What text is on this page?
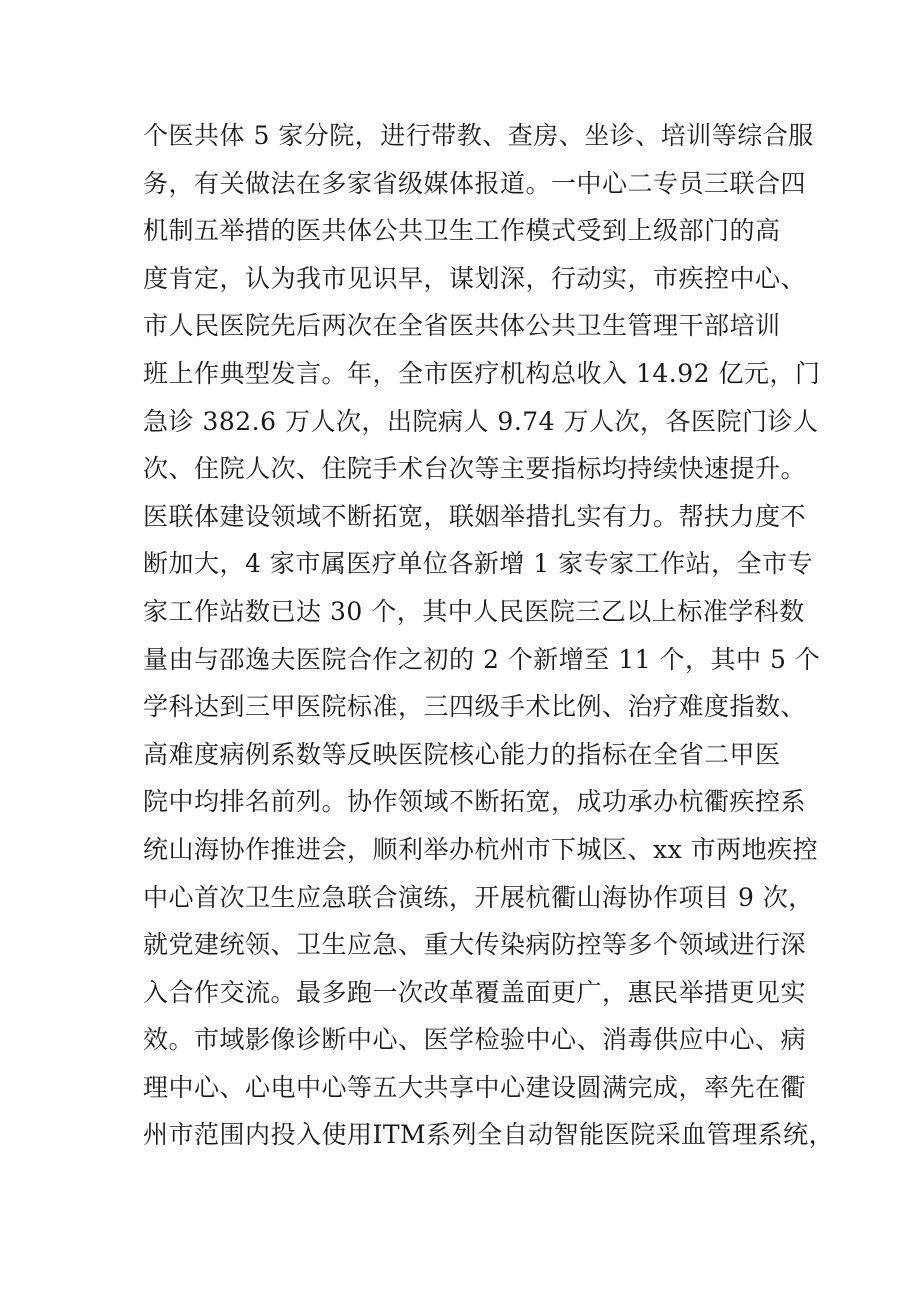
个医共体 5 家分院，进行带教、查房、坐诊、培训等综合服
务，有关做法在多家省级媒体报道。一中心二专员三联合四
机制五举措的医共体公共卫生工作模式受到上级部门的高
度肯定，认为我市见识早，谋划深，行动实，市疾控中心、
市人民医院先后两次在全省医共体公共卫生管理干部培训
班上作典型发言。年，全市医疗机构总收入 14.92 亿元，门
急诊 382.6 万人次，出院病人 9.74 万人次，各医院门诊人
次、住院人次、住院手术台次等主要指标均持续快速提升。
医联体建设领域不断拓宽，联姻举措扎实有力。帮扶力度不
断加大，4 家市属医疗单位各新增 1 家专家工作站，全市专
家工作站数已达 30 个，其中人民医院三乙以上标准学科数
量由与邵逸夫医院合作之初的 2 个新增至 11 个，其中 5 个
学科达到三甲医院标准，三四级手术比例、治疗难度指数、
高难度病例系数等反映医院核心能力的指标在全省二甲医
院中均排名前列。协作领域不断拓宽，成功承办杭衢疾控系
统山海协作推进会，顺利举办杭州市下城区、xx 市两地疾控
中心首次卫生应急联合演练，开展杭衢山海协作项目 9 次，
就党建统领、卫生应急、重大传染病防控等多个领域进行深
入合作交流。最多跑一次改革覆盖面更广，惠民举措更见实
效。市域影像诊断中心、医学检验中心、消毒供应中心、病
理中心、心电中心等五大共享中心建设圆满完成，率先在衢
州市范围内投入使用ITM系列全自动智能医院采血管理系统，
